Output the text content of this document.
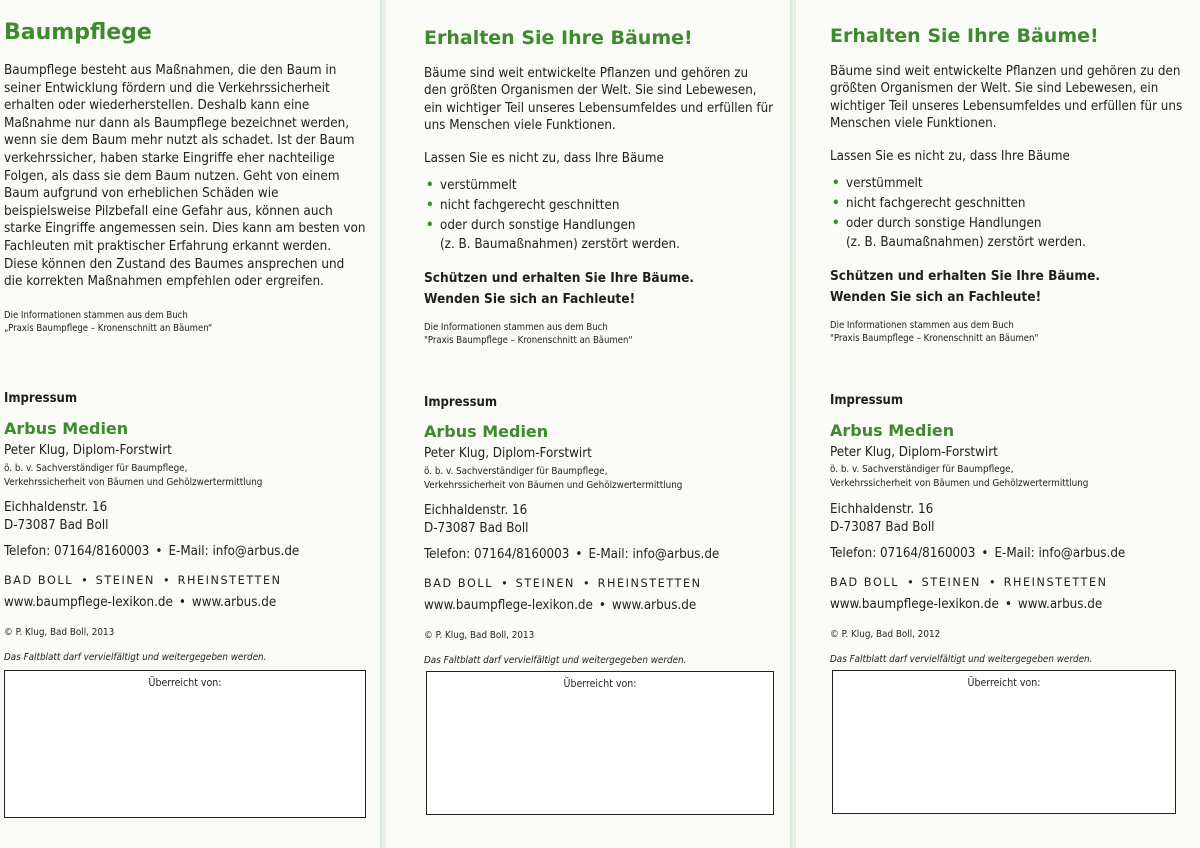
Baumpflege

Baumpflege besteht aus Maßnahmen, die den Baum in seiner Entwicklung fördern und die Verkehrssicherheit erhalten oder wiederherstellen. Deshalb kann eine Maßnahme nur dann als Baumpflege bezeichnet werden, wenn sie dem Baum mehr nutzt als schadet. Ist der Baum verkehrssicher, haben starke Eingriffe eher nachteilige Folgen, als dass sie dem Baum nutzen. Geht von einem Baum aufgrund von erheblichen Schäden wie beispielsweise Pilzbefall eine Gefahr aus, können auch starke Eingriffe angemessen sein. Dies kann am besten von Fachleuten mit praktischer Erfahrung erkannt werden. Diese können den Zustand des Baumes ansprechen und die korrekten Maßnahmen empfehlen oder ergreifen.

Die Informationen stammen aus dem Buch

„Praxis Baumpflege – Kronenschnitt an Bäumen“

Impressum

Arbus Medien

Peter Klug, Diplom-Forstwirt

ö. b. v. Sachverständiger für Baumpflege,

Verkehrssicherheit von Bäumen und Gehölzwertermittlung

Eichhaldenstr. 16

D-73087 Bad Boll

Telefon: 07164/8160003 • E-Mail: info@arbus.de

BAD BOLL • STEINEN • RHEINSTETTEN

www.baumpflege-lexikon.de • www.arbus.de

© P. Klug, Bad Boll, 2013

Das Faltblatt darf vervielfältigt und weitergegeben werden.

Überreicht von:
Erhalten Sie Ihre Bäume!

Bäume sind weit entwickelte Pflanzen und gehören zu den größten Organismen der Welt. Sie sind Lebewesen, ein wichtiger Teil unseres Lebensumfeldes und erfüllen für uns Menschen viele Funktionen.

Lassen Sie es nicht zu, dass Ihre Bäume

• verstümmelt
• nicht fachgerecht geschnitten
• oder durch sonstige Handlungen
(z. B. Baumaßnahmen) zerstört werden.

Schützen und erhalten Sie Ihre Bäume.

Wenden Sie sich an Fachleute!

Die Informationen stammen aus dem Buch

"Praxis Baumpflege – Kronenschnitt an Bäumen"

Impressum

Arbus Medien

Peter Klug, Diplom-Forstwirt

ö. b. v. Sachverständiger für Baumpflege,

Verkehrssicherheit von Bäumen und Gehölzwertermittlung

Eichhaldenstr. 16

D-73087 Bad Boll

Telefon: 07164/8160003 • E-Mail: info@arbus.de

BAD BOLL • STEINEN • RHEINSTETTEN

www.baumpflege-lexikon.de • www.arbus.de

© P. Klug, Bad Boll, 2013

Das Faltblatt darf vervielfältigt und weitergegeben werden.

Überreicht von:
Erhalten Sie Ihre Bäume!

Bäume sind weit entwickelte Pflanzen und gehören zu den größten Organismen der Welt. Sie sind Lebewesen, ein wichtiger Teil unseres Lebensumfeldes und erfüllen für uns Menschen viele Funktionen.

Lassen Sie es nicht zu, dass Ihre Bäume

• verstümmelt
• nicht fachgerecht geschnitten
• oder durch sonstige Handlungen
(z. B. Baumaßnahmen) zerstört werden.

Schützen und erhalten Sie Ihre Bäume.

Wenden Sie sich an Fachleute!

Die Informationen stammen aus dem Buch

"Praxis Baumpflege – Kronenschnitt an Bäumen"

Impressum

Arbus Medien

Peter Klug, Diplom-Forstwirt

ö. b. v. Sachverständiger für Baumpflege,

Verkehrssicherheit von Bäumen und Gehölzwertermittlung

Eichhaldenstr. 16

D-73087 Bad Boll

Telefon: 07164/8160003 • E-Mail: info@arbus.de

BAD BOLL • STEINEN • RHEINSTETTEN

www.baumpflege-lexikon.de • www.arbus.de

© P. Klug, Bad Boll, 2012

Das Faltblatt darf vervielfältigt und weitergegeben werden.

Überreicht von:
